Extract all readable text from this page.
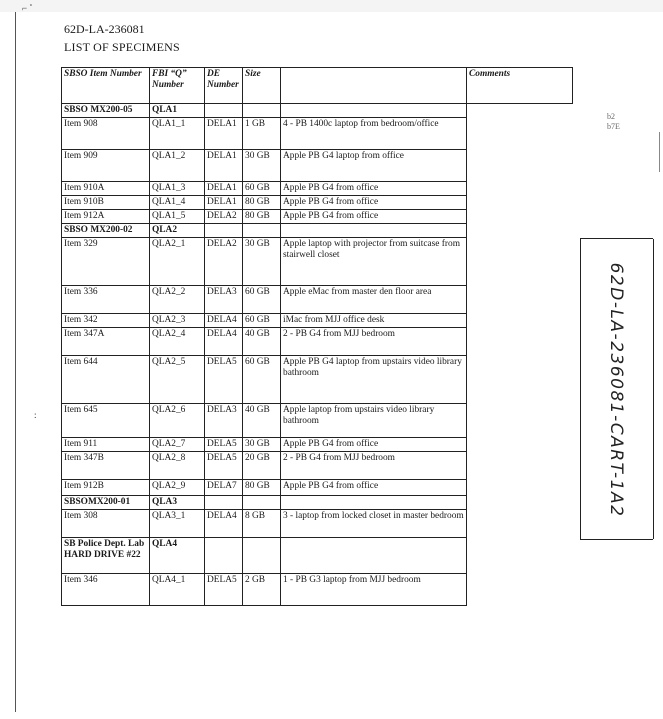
⌐ ˚
:
62D-LA-236081
LIST OF SPECIMENS
SBSO Item Number	FBI “Q” Number	DE Number	Size		Comments
SBSO MX200-05	QLA1				
Item 908	QLA1_1	DELA1	1 GB	4 - PB 1400c laptop from bedroom/office	
Item 909	QLA1_2	DELA1	30 GB	Apple PB G4 laptop from office	
Item 910A	QLA1_3	DELA1	60 GB	Apple PB G4 from office	
Item 910B	QLA1_4	DELA1	80 GB	Apple PB G4 from office	
Item 912A	QLA1_5	DELA2	80 GB	Apple PB G4 from office	
SBSO MX200-02	QLA2				
Item 329	QLA2_1	DELA2	30 GB	Apple laptop with projector from suitcase from stairwell closet	
Item 336	QLA2_2	DELA3	60 GB	Apple eMac from master den floor area	
Item 342	QLA2_3	DELA4	60 GB	iMac from MJJ office desk	
Item 347A	QLA2_4	DELA4	40 GB	2 - PB G4 from MJJ bedroom	
Item 644	QLA2_5	DELA5	60 GB	Apple PB G4 laptop from upstairs video library bathroom	
Item 645	QLA2_6	DELA3	40 GB	Apple laptop from upstairs video library bathroom	
Item 911	QLA2_7	DELA5	30 GB	Apple PB G4 from office	
Item 347B	QLA2_8	DELA5	20 GB	2 - PB G4 from MJJ bedroom	
Item 912B	QLA2_9	DELA7	80 GB	Apple PB G4 from office	
SBSOMX200-01	QLA3				
Item 308	QLA3_1	DELA4	8 GB	3 - laptop from locked closet in master bedroom	
SB Police Dept. Lab HARD DRIVE #22	QLA4				
Item 346	QLA4_1	DELA5	2 GB	1 - PB G3 laptop from MJJ bedroom	
b2
b7E
62D-LA-236081-CART-1A2
